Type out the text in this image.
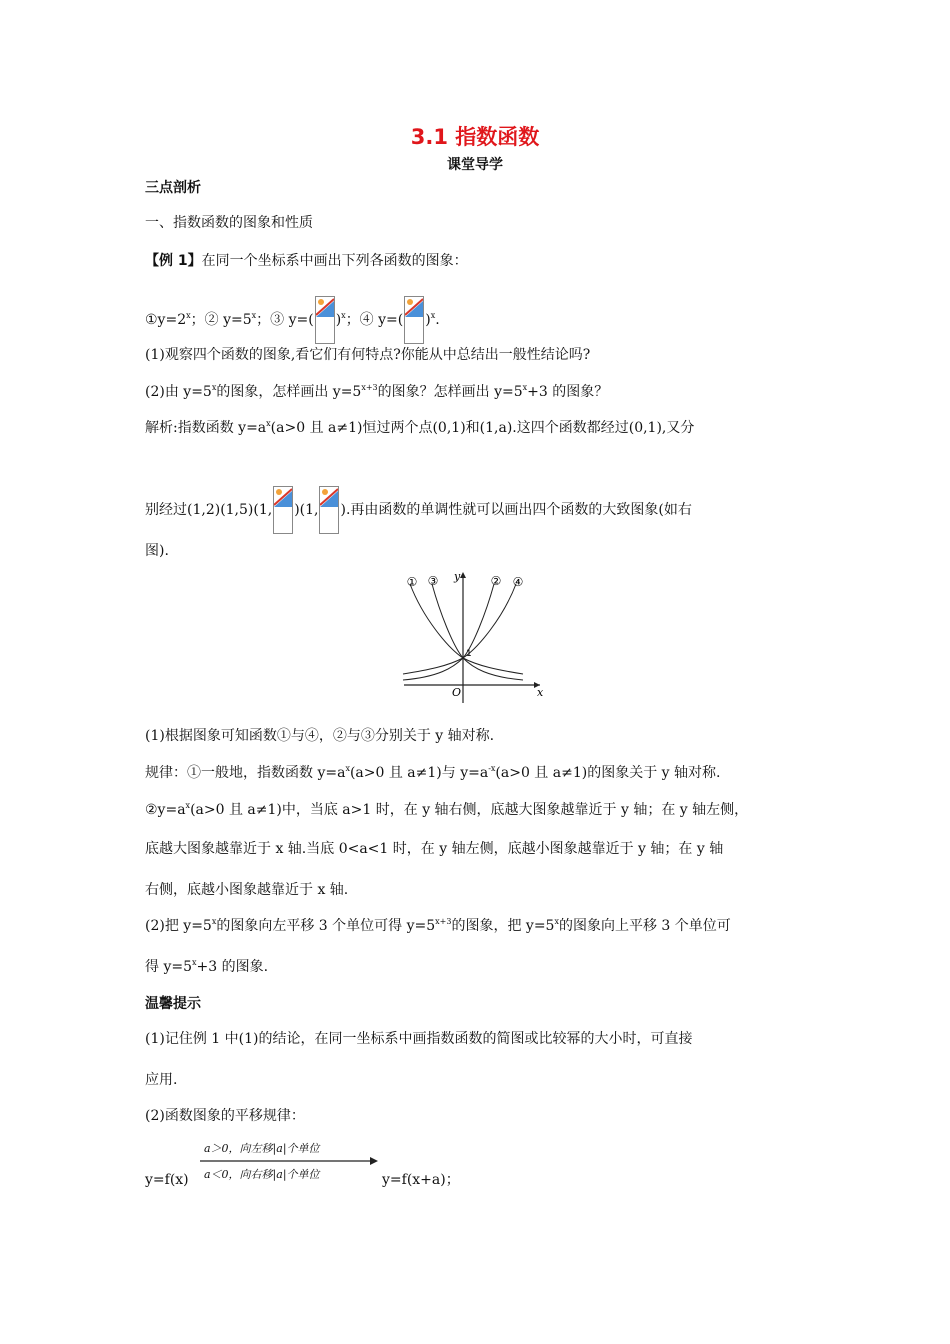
3.1 指数函数
课堂导学
三点剖析
一、指数函数的图象和性质
【例 1】在同一个坐标系中画出下列各函数的图象：
$①y=2^x$；② $y=5^x$；③ y=( )$^x$；④ y=( )$^x$.
(1)观察四个函数的图象,看它们有何特点?你能从中总结出一般性结论吗?
(2)由 $y=5^x$的图象，怎样画出 $y=5^{x+3}$的图象？怎样画出 $y=5^x+3$ 的图象？
解析:指数函数 $y=a^x(a>0$ 且 a≠1)恒过两个点(0,1)和(1,a).这四个函数都经过(0,1),又分
别经过(1,2)(1,5)(1, )(1, ).再由函数的单调性就可以画出四个函数的大致图象(如右
图).
① ③	② ④
y
x
O
1
(1)根据图象可知函数①与④，②与③分别关于 y 轴对称.
规律：①一般地，指数函数 $y=a^x(a>0$ 且 a≠1)与 $y=a^{-x}(a>0$ 且 a≠1)的图象关于 y 轴对称.
$②y=a^x(a>0$ 且 a≠1)中，当底 a>1 时，在 y 轴右侧，底越大图象越靠近于 y 轴；在 y 轴左侧，
底越大图象越靠近于 x 轴.当底 0<a<1 时，在 y 轴左侧，底越小图象越靠近于 y 轴；在 y 轴
右侧，底越小图象越靠近于 x 轴.
(2)把 $y=5^x$的图象向左平移 3 个单位可得 $y=5^{x+3}$的图象，把 $y=5^x$的图象向上平移 3 个单位可
得 $y=5^x+3$ 的图象.
温馨提示
(1)记住例 1 中(1)的结论，在同一坐标系中画指数函数的简图或比较幂的大小时，可直接
应用.
(2)函数图象的平移规律：
y=f(x)
a＞0，向左移|a|个单位
a＜0，向右移|a|个单位	y=f(x+a)；
